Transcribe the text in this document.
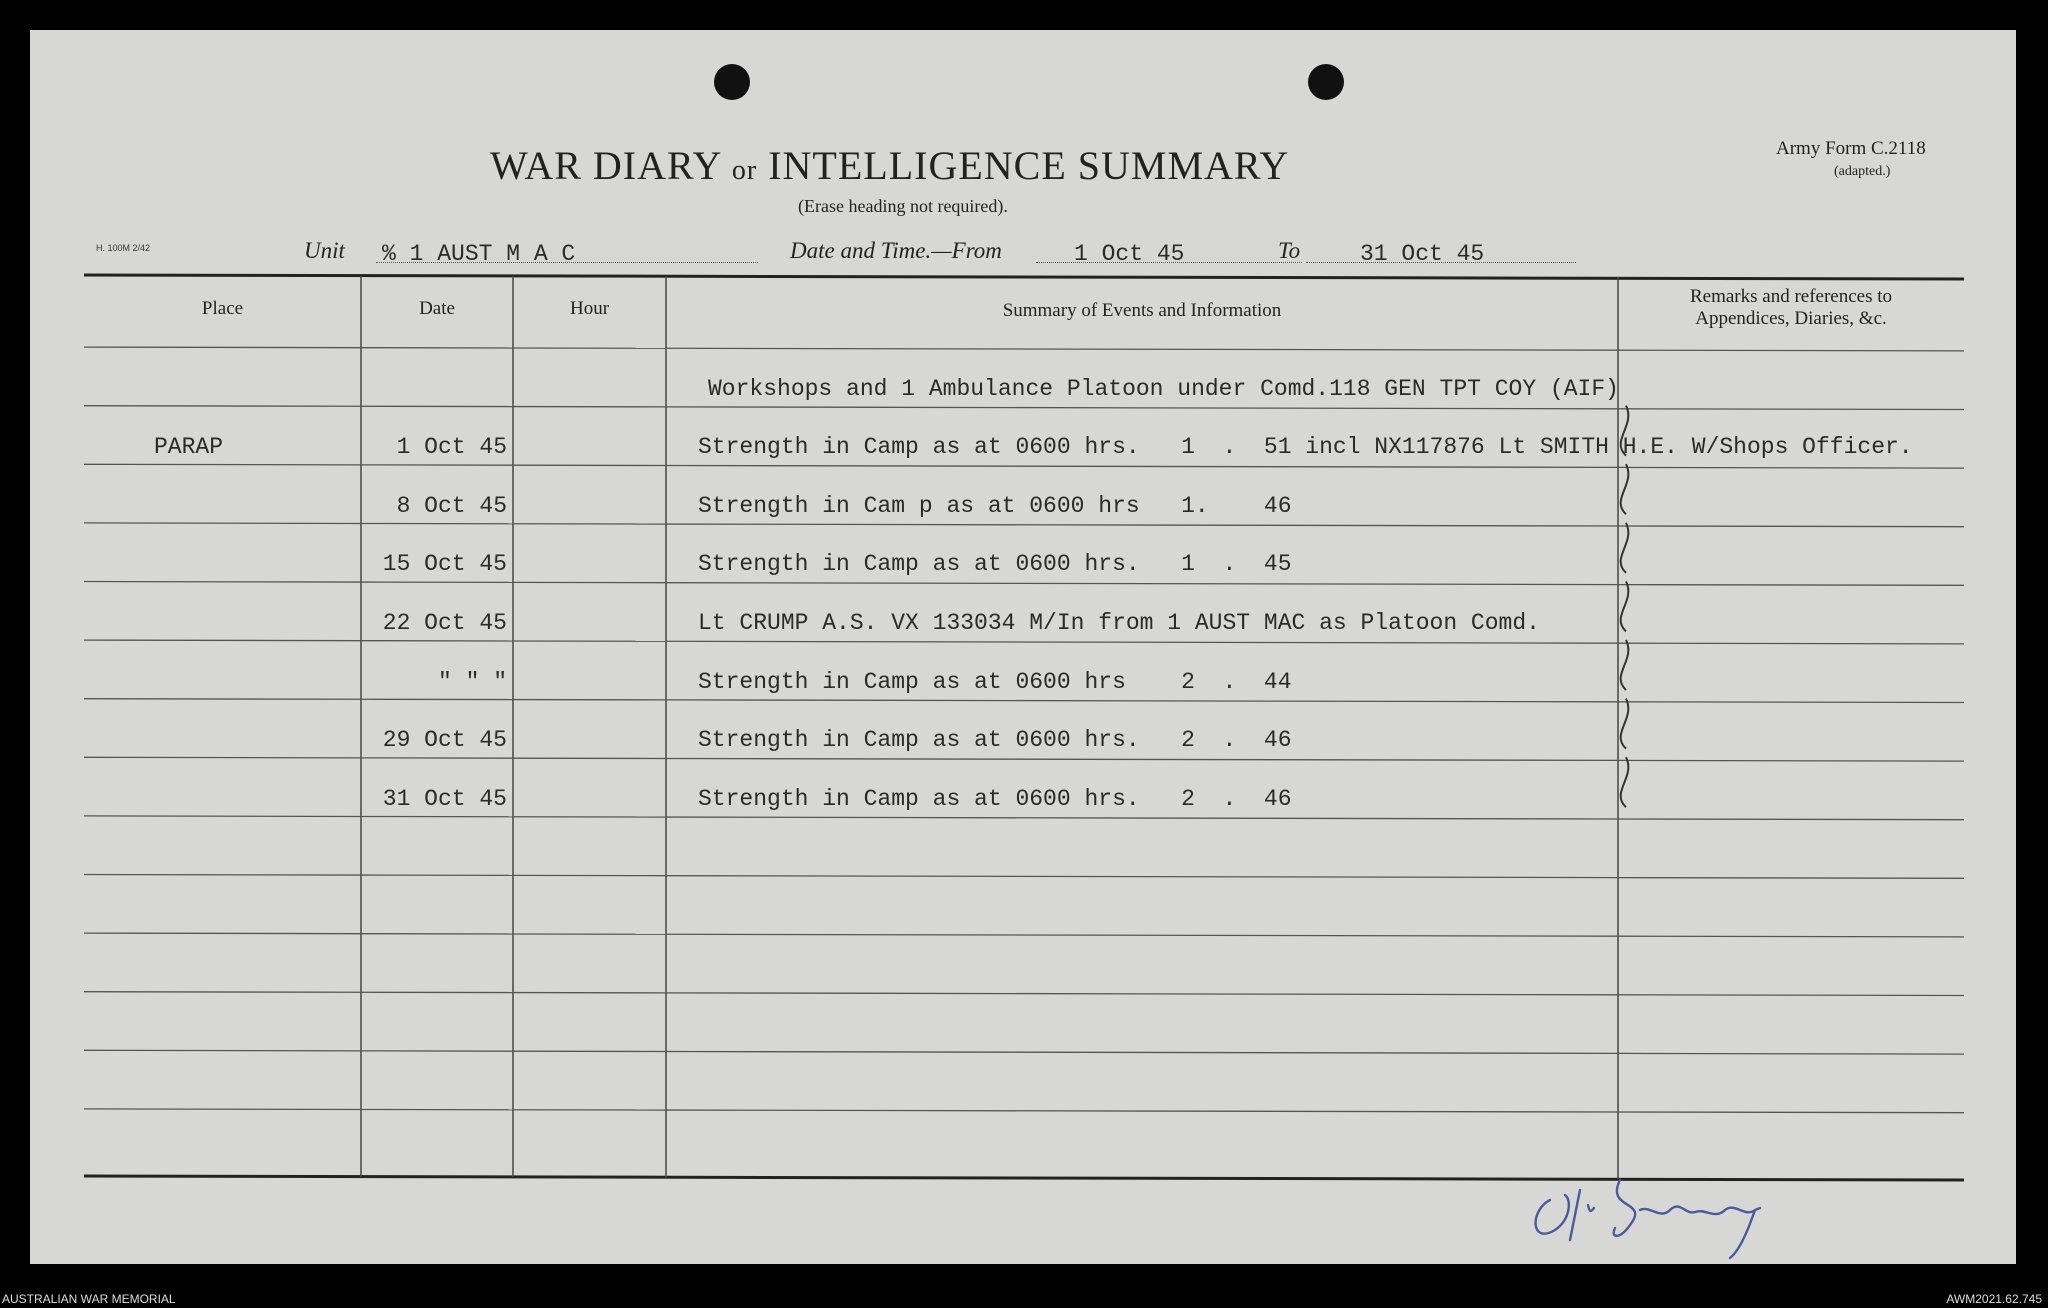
WAR DIARY or INTELLIGENCE SUMMARY
(Erase heading not required).
Army Form C.2118
(adapted.)
H. 100M 2/42	Unit % 1 AUST M A C	Date and Time.—From	1 Oct 45	To	31 Oct 45
Place	Date	Hour	Summary of Events and Information
Remarks and references to
Appendices, Diaries, &c.
Workshops and 1 Ambulance Platoon under Comd.118 GEN TPT COY (AIF)
PARAP	1 Oct 45	Strength in Camp as at 0600 hrs.   1  .  51 incl NX117876 Lt SMITH H.E. W/Shops Officer.
8 Oct 45	Strength in Cam p as at 0600 hrs   1.    46
15 Oct 45	Strength in Camp as at 0600 hrs.   1  .  45
22 Oct 45	Lt CRUMP A.S. VX 133034 M/In from 1 AUST MAC as Platoon Comd.
" " "	Strength in Camp as at 0600 hrs    2  .  44
29 Oct 45	Strength in Camp as at 0600 hrs.   2  .  46
31 Oct 45	Strength in Camp as at 0600 hrs.   2  .  46
AUSTRALIAN WAR MEMORIAL	AWM2021.62.745
